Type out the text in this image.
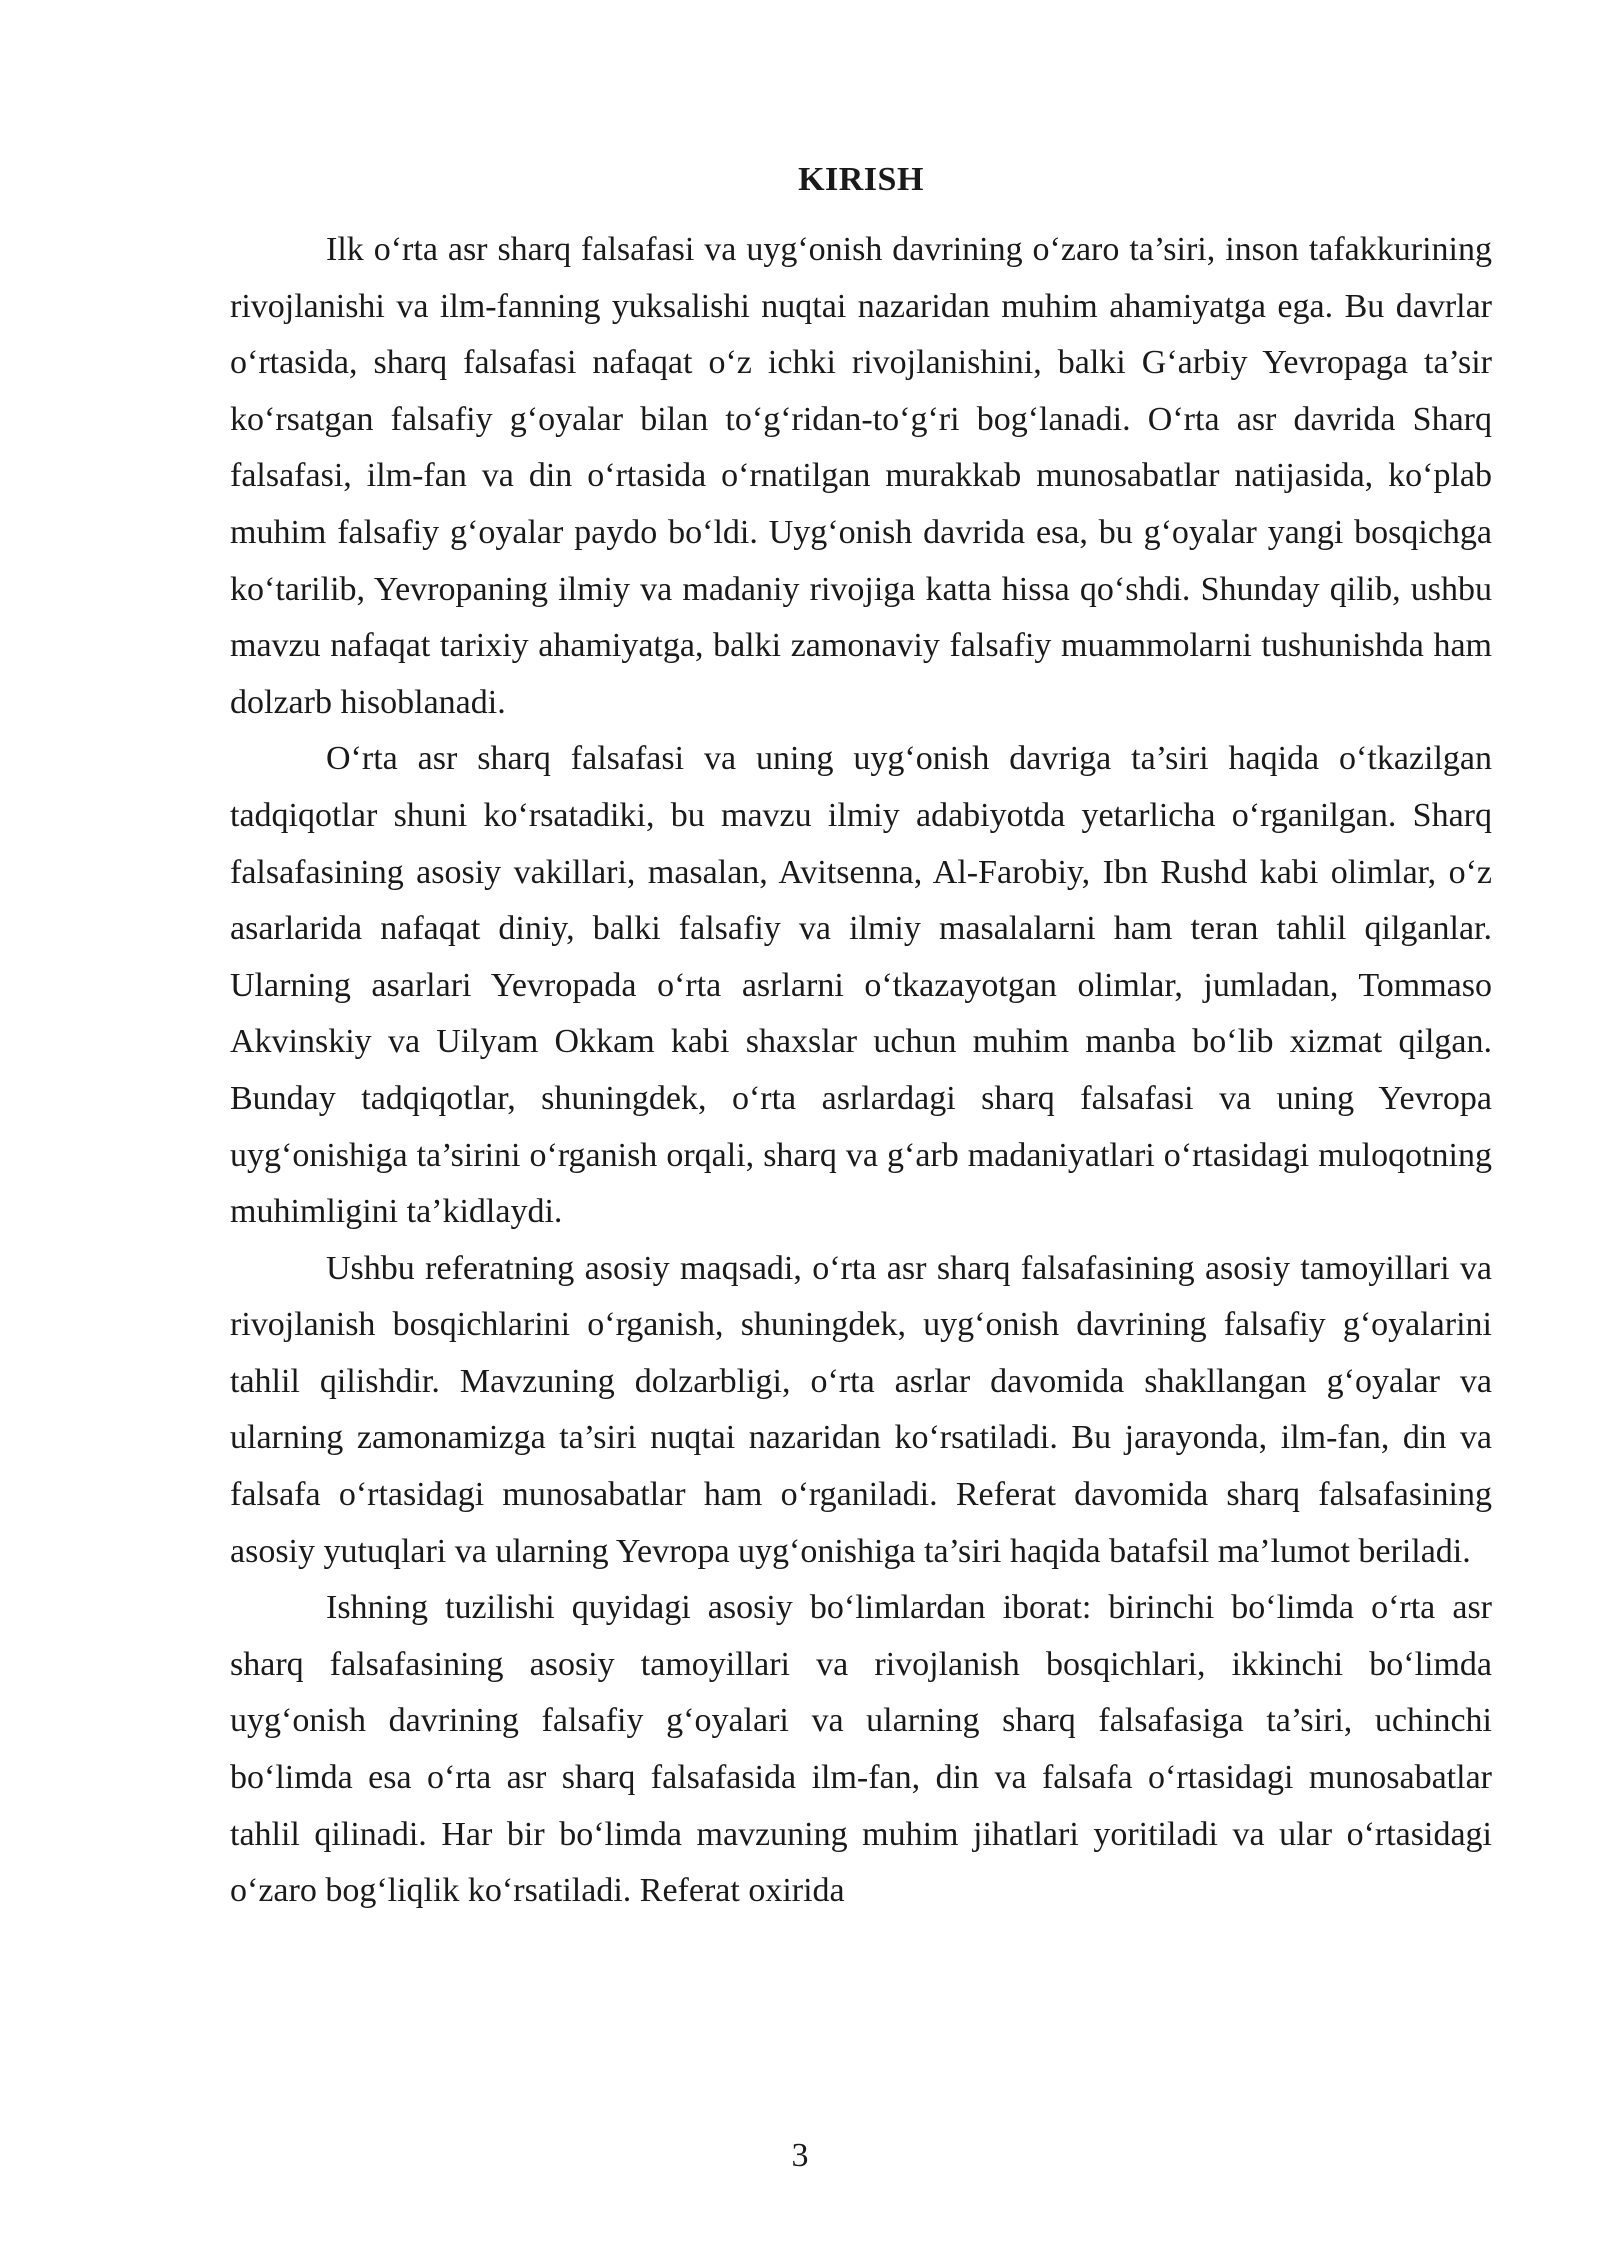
KIRISH

Ilk o‘rta asr sharq falsafasi va uyg‘onish davrining o‘zaro ta’siri, inson tafakkurining rivojlanishi va ilm-fanning yuksalishi nuqtai nazaridan muhim ahamiyatga ega. Bu davrlar o‘rtasida, sharq falsafasi nafaqat o‘z ichki rivojlanishini, balki G‘arbiy Yevropaga ta’sir ko‘rsatgan falsafiy g‘oyalar bilan to‘g‘ridan-to‘g‘ri bog‘lanadi. O‘rta asr davrida Sharq falsafasi, ilm-fan va din o‘rtasida o‘rnatilgan murakkab munosabatlar natijasida, ko‘plab muhim falsafiy g‘oyalar paydo bo‘ldi. Uyg‘onish davrida esa, bu g‘oyalar yangi bosqichga ko‘tarilib, Yevropaning ilmiy va madaniy rivojiga katta hissa qo‘shdi. Shunday qilib, ushbu mavzu nafaqat tarixiy ahamiyatga, balki zamonaviy falsafiy muammolarni tushunishda ham dolzarb hisoblanadi.

O‘rta asr sharq falsafasi va uning uyg‘onish davriga ta’siri haqida o‘tkazilgan tadqiqotlar shuni ko‘rsatadiki, bu mavzu ilmiy adabiyotda yetarlicha o‘rganilgan. Sharq falsafasining asosiy vakillari, masalan, Avitsenna, Al-Farobiy, Ibn Rushd kabi olimlar, o‘z asarlarida nafaqat diniy, balki falsafiy va ilmiy masalalarni ham teran tahlil qilganlar. Ularning asarlari Yevropada o‘rta asrlarni o‘tkazayotgan olimlar, jumladan, Tommaso Akvinskiy va Uilyam Okkam kabi shaxslar uchun muhim manba bo‘lib xizmat qilgan. Bunday tadqiqotlar, shuningdek, o‘rta asrlardagi sharq falsafasi va uning Yevropa uyg‘onishiga ta’sirini o‘rganish orqali, sharq va g‘arb madaniyatlari o‘rtasidagi muloqotning muhimligini ta’kidlaydi.

Ushbu referatning asosiy maqsadi, o‘rta asr sharq falsafasining asosiy tamoyillari va rivojlanish bosqichlarini o‘rganish, shuningdek, uyg‘onish davrining falsafiy g‘oyalarini tahlil qilishdir. Mavzuning dolzarbligi, o‘rta asrlar davomida shakllangan g‘oyalar va ularning zamonamizga ta’siri nuqtai nazaridan ko‘rsatiladi. Bu jarayonda, ilm-fan, din va falsafa o‘rtasidagi munosabatlar ham o‘rganiladi. Referat davomida sharq falsafasining asosiy yutuqlari va ularning Yevropa uyg‘onishiga ta’siri haqida batafsil ma’lumot beriladi.

Ishning tuzilishi quyidagi asosiy bo‘limlardan iborat: birinchi bo‘limda o‘rta asr sharq falsafasining asosiy tamoyillari va rivojlanish bosqichlari, ikkinchi bo‘limda uyg‘onish davrining falsafiy g‘oyalari va ularning sharq falsafasiga ta’siri, uchinchi bo‘limda esa o‘rta asr sharq falsafasida ilm-fan, din va falsafa o‘rtasidagi munosabatlar tahlil qilinadi. Har bir bo‘limda mavzuning muhim jihatlari yoritiladi va ular o‘rtasidagi o‘zaro bog‘liqlik ko‘rsatiladi. Referat oxirida

3
